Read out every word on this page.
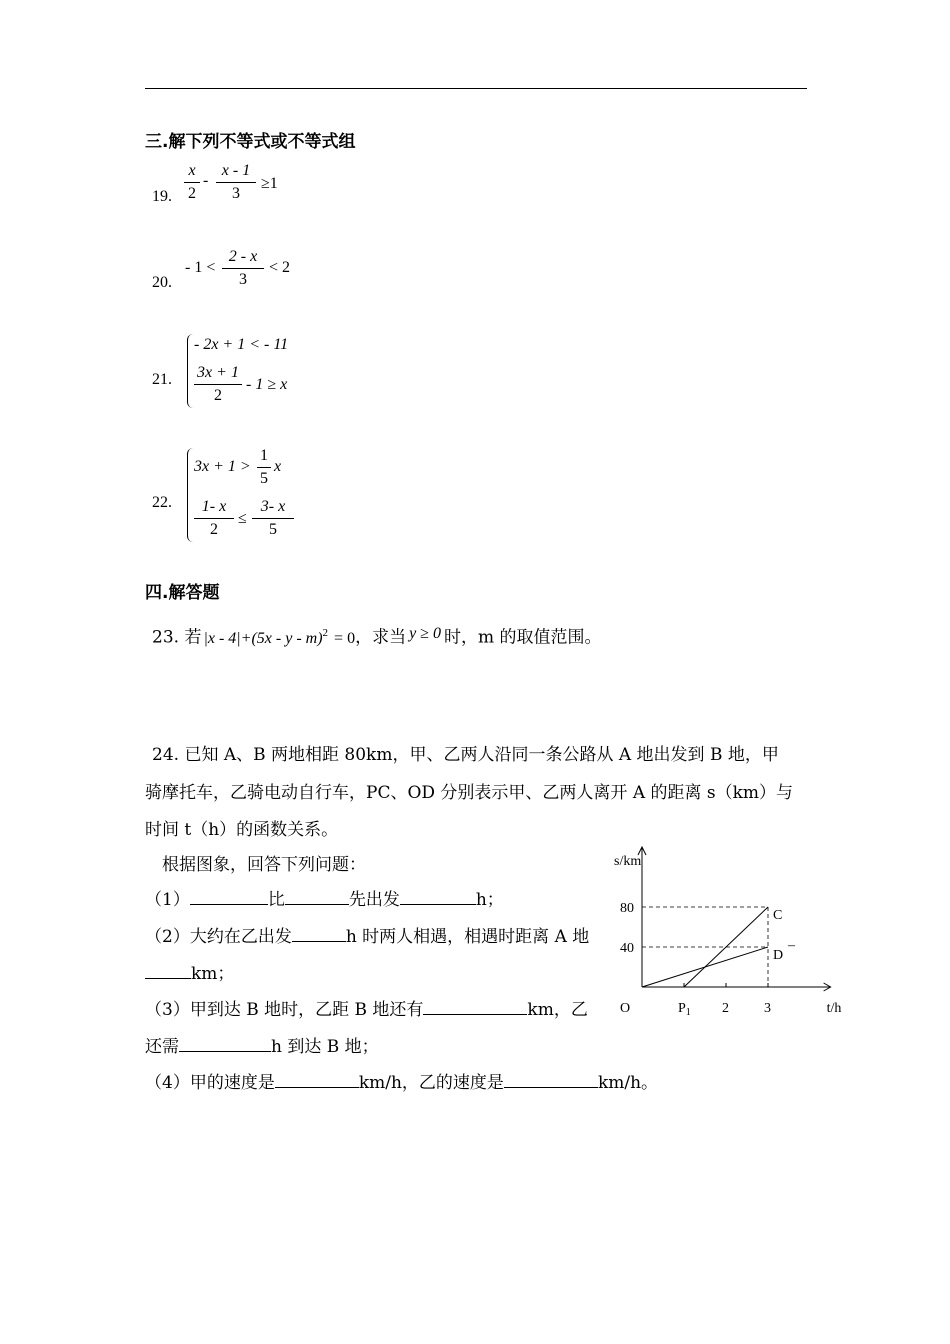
三.解下列不等式或不等式组
19.
x
2
-
x - 1
3
≥1
20.
- 1 <
2 - x
3
< 2
21.
- 2x + 1 < - 11
3x + 1
2
- 1 ≥ x
22.
3x + 1 >
1
5
x
1- x
2
≤
3- x
5
四.解答题
23. 若 |x - 4|+(5x - y - m)$^2$ = 0，求当 y ≥ 0 时，m 的取值范围。
24. 已知 A、B 两地相距 80km，甲、乙两人沿同一条公路从 A 地出发到 B 地，甲
骑摩托车，乙骑电动自行车，PC、OD 分别表示甲、乙两人离开 A 的距离 s（km）与
时间 t（h）的函数关系。
根据图象，回答下列问题：
（1）	比	先出发	h；
（2）大约在乙出发	h 时两人相遇，相遇时距离 A 地
km；
（3）甲到达 B 地时，乙距 B 地还有	km，乙
还需	h 到达 B 地；
（4）甲的速度是	km/h，乙的速度是	km/h。
s/km
t/h
O
40
80
$P_1$ 2	3
C
D
–
